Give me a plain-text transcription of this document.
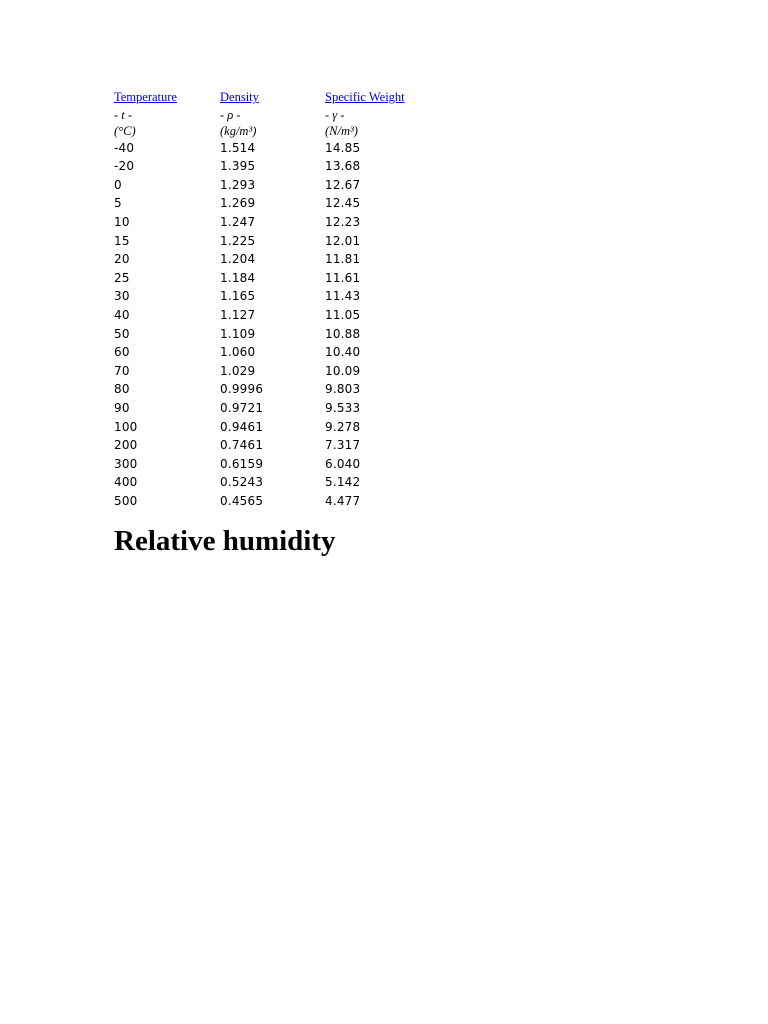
Temperature	Density	Specific Weight
- t -	- ρ -	- γ -
(°C)	(kg/m³)	(N/m³)
-40	1.514	14.85
-20	1.395	13.68
0	1.293	12.67
5	1.269	12.45
10	1.247	12.23
15	1.225	12.01
20	1.204	11.81
25	1.184	11.61
30	1.165	11.43
40	1.127	11.05
50	1.109	10.88
60	1.060	10.40
70	1.029	10.09
80	0.9996	9.803
90	0.9721	9.533
100	0.9461	9.278
200	0.7461	7.317
300	0.6159	6.040
400	0.5243	5.142
500	0.4565	4.477
Relative humidity
